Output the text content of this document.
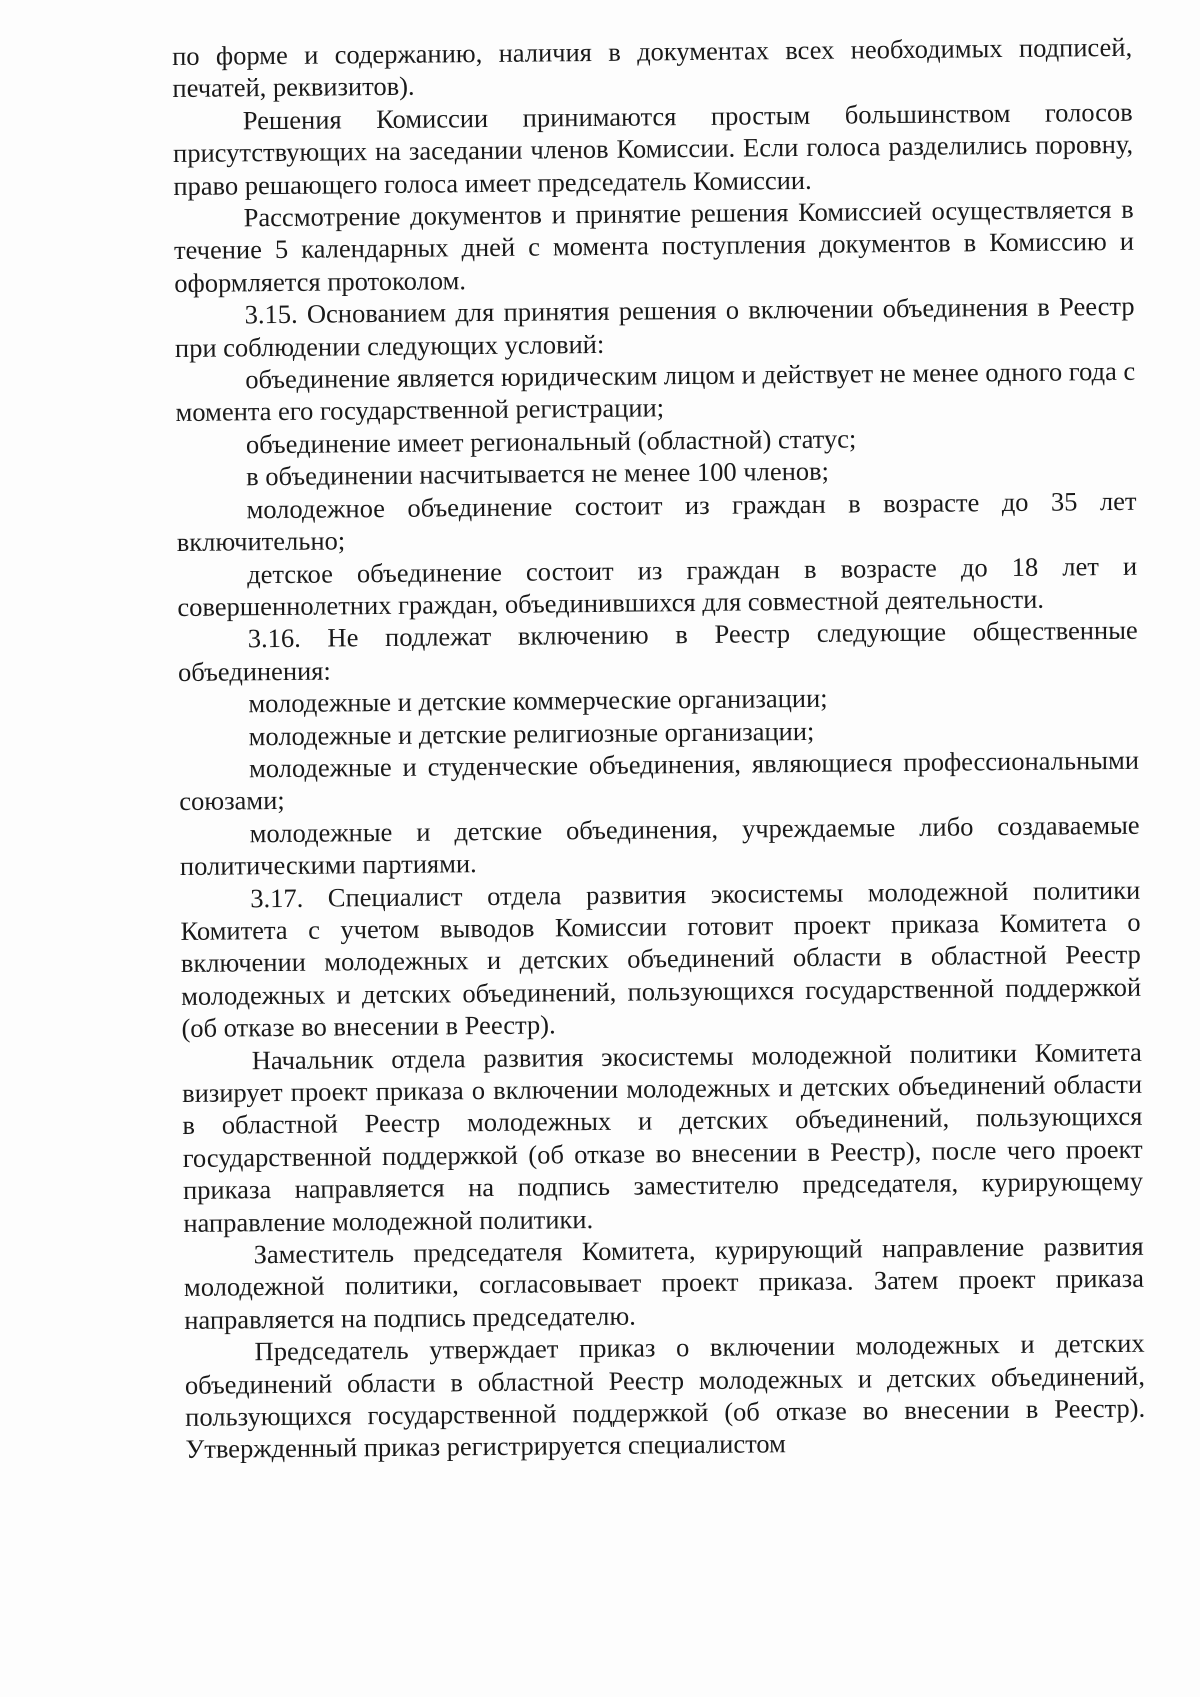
по форме и содержанию, наличия в документах всех необходимых подписей, печатей, реквизитов).

Решения Комиссии принимаются простым большинством голосов присутствующих на заседании членов Комиссии. Если голоса разделились поровну, право решающего голоса имеет председатель Комиссии.

Рассмотрение документов и принятие решения Комиссией осуществляется в течение 5 календарных дней с момента поступления документов в Комиссию и оформляется протоколом.

3.15. Основанием для принятия решения о включении объединения в Реестр при соблюдении следующих условий:

объединение является юридическим лицом и действует не менее одного года с момента его государственной регистрации;

объединение имеет региональный (областной) статус;

в объединении насчитывается не менее 100 членов;

молодежное объединение состоит из граждан в возрасте до 35 лет включительно;

детское объединение состоит из граждан в возрасте до 18 лет и совершеннолетних граждан, объединившихся для совместной деятельности.

3.16. Не подлежат включению в Реестр следующие общественные объединения:

молодежные и детские коммерческие организации;

молодежные и детские религиозные организации;

молодежные и студенческие объединения, являющиеся профессиональными союзами;

молодежные и детские объединения, учреждаемые либо создаваемые политическими партиями.

3.17. Специалист отдела развития экосистемы молодежной политики Комитета с учетом выводов Комиссии готовит проект приказа Комитета о включении молодежных и детских объединений области в областной Реестр молодежных и детских объединений, пользующихся государственной поддержкой (об отказе во внесении в Реестр).

Начальник отдела развития экосистемы молодежной политики Комитета визирует проект приказа о включении молодежных и детских объединений области в областной Реестр молодежных и детских объединений, пользующихся государственной поддержкой (об отказе во внесении в Реестр), после чего проект приказа направляется на подпись заместителю председателя, курирующему направление молодежной политики.

Заместитель председателя Комитета, курирующий направление развития молодежной политики, согласовывает проект приказа. Затем проект приказа направляется на подпись председателю.

Председатель утверждает приказ о включении молодежных и детских объединений области в областной Реестр молодежных и детских объединений, пользующихся государственной поддержкой (об отказе во внесении в Реестр). Утвержденный приказ регистрируется специалистом
